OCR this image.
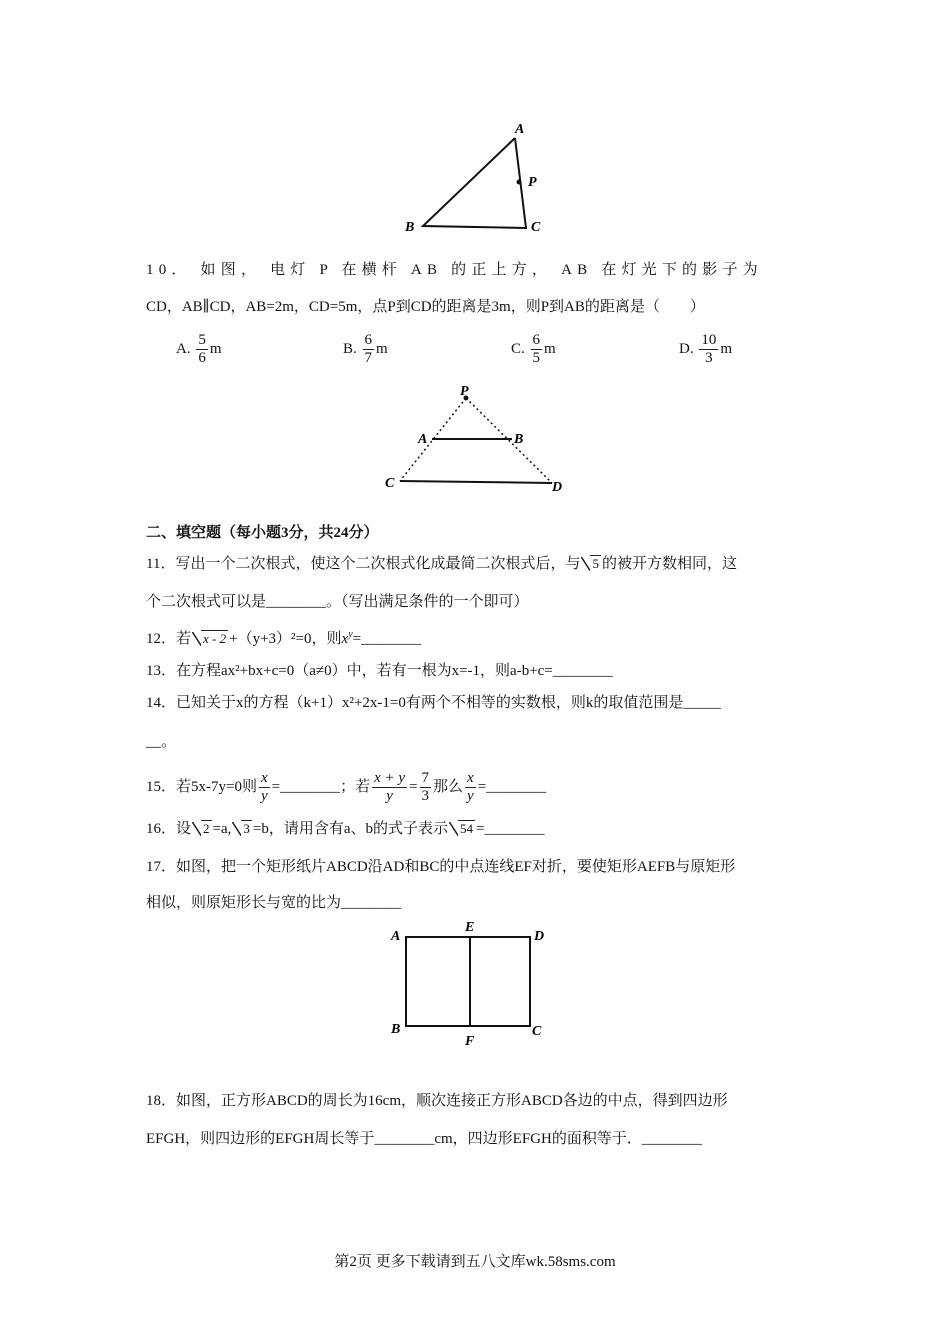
A
P
B	C
10． 如图， 电灯 P 在横杆 AB 的正上方， AB 在灯光下的影子为
CD，AB∥CD，AB=2m，CD=5m，点P到CD的距离是3m，则P到AB的距离是（　　）
A. $\frac{5}{6}$ m	B. $\frac{6}{7}$ m	C. $\frac{6}{5}$ m	D. $\frac{10}{3}$ m
P
A	B
C	D
二、填空题（每小题3分，共24分）
11．写出一个二次根式，使这个二次根式化成最简二次根式后，与 5 的被开方数相同，这
个二次根式可以是________。（写出满足条件的一个即可）
12．若 x - 2 +（y+3）²=0，则$x^y=\_\_\_\_\_\_\_\_$
13．在方程ax²+bx+c=0（a≠0）中，若有一根为x=-1，则a-b+c=________
14．已知关于x的方程（k+1）x²+2x-1=0有两个不相等的实数根，则k的取值范围是_____
__。
15．若5x-7y=0则 $\frac{x}{y}$ =________；若 $\frac{x + y}{y} = \frac{7}{3}$ 那么 $\frac{x}{y}$ =________
16．设 2 =a, 3 =b，请用含有a、b的式子表示 54 =________
17．如图，把一个矩形纸片ABCD沿AD和BC的中点连线EF对折，要使矩形AEFB与原矩形
相似，则原矩形长与宽的比为________
A
E
D
B
F
C
18．如图，正方形ABCD的周长为16cm，顺次连接正方形ABCD各边的中点，得到四边形
EFGH，则四边形的EFGH周长等于________cm，四边形EFGH的面积等于．________
第2页 更多下载请到五八文库wk.58sms.com
